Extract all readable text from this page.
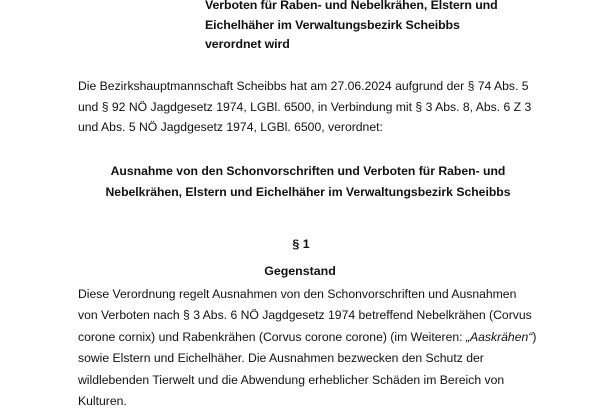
Verboten für Raben- und Nebelkrähen, Elstern und
Eichelhäher im Verwaltungsbezirk Scheibbs
verordnet wird
Die Bezirkshauptmannschaft Scheibbs hat am 27.06.2024 aufgrund der § 74 Abs. 5
und § 92 NÖ Jagdgesetz 1974, LGBl. 6500, in Verbindung mit § 3 Abs. 8, Abs. 6 Z 3
und Abs. 5 NÖ Jagdgesetz 1974, LGBl. 6500, verordnet:
Ausnahme von den Schonvorschriften und Verboten für Raben- und
Nebelkrähen, Elstern und Eichelhäher im Verwaltungsbezirk Scheibbs
§ 1
Gegenstand
Diese Verordnung regelt Ausnahmen von den Schonvorschriften und Ausnahmen
von Verboten nach § 3 Abs. 6 NÖ Jagdgesetz 1974 betreffend Nebelkrähen (Corvus
corone cornix) und Rabenkrähen (Corvus corone corone) (im Weiteren: „Aaskrähen“)
sowie Elstern und Eichelhäher. Die Ausnahmen bezwecken den Schutz der
wildlebenden Tierwelt und die Abwendung erheblicher Schäden im Bereich von
Kulturen.
